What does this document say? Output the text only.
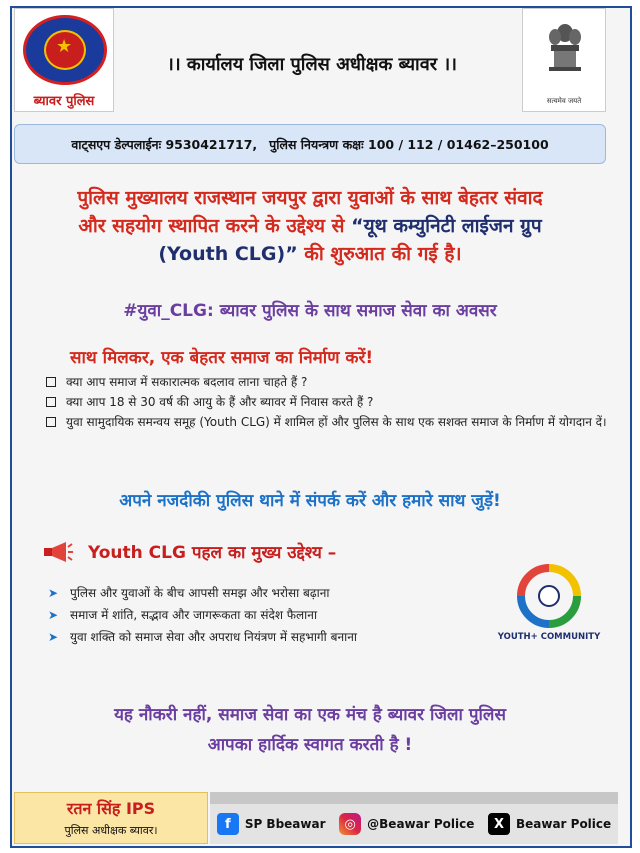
★
ब्यावर पुलिस
।। कार्यालय जिला पुलिस अधीक्षक ब्यावर ।।
सत्यमेव जयते
वाट्सएप डेल्पलाईनः 9530421717, पुलिस नियन्त्रण कक्षः 100 / 112 / 01462–250100
पुलिस मुख्यालय राजस्थान जयपुर द्वारा युवाओं के साथ बेहतर संवाद
और सहयोग स्थापित करने के उद्देश्य से “यूथ कम्युनिटी लाईजन ग्रुप
(Youth CLG)” की शुरुआत की गई है।
#युवा_CLG: ब्यावर पुलिस के साथ समाज सेवा का अवसर
साथ मिलकर, एक बेहतर समाज का निर्माण करें!
क्या आप समाज में सकारात्मक बदलाव लाना चाहते हैं ?
क्या आप 18 से 30 वर्ष की आयु के हैं और ब्यावर में निवास करते हैं ?
युवा सामुदायिक समन्वय समूह (Youth CLG) में शामिल हों और पुलिस के साथ एक सशक्त समाज के निर्माण में योगदान दें।
अपने नजदीकी पुलिस थाने में संपर्क करें और हमारे साथ जुड़ें!
Youth CLG पहल का मुख्य उद्देश्य –
➤ पुलिस और युवाओं के बीच आपसी समझ और भरोसा बढ़ाना
➤ समाज में शांति, सद्भाव और जागरूकता का संदेश फैलाना
➤ युवा शक्ति को समाज सेवा और अपराध नियंत्रण में सहभागी बनाना	YOUTH+ COMMUNITY
यह नौकरी नहीं, समाज सेवा का एक मंच है ब्यावर जिला पुलिस
आपका हार्दिक स्वागत करती है !
रतन सिंह IPS
पुलिस अधीक्षक ब्यावर।	f	SP Bbeawar	◎ @Beawar Police	X Beawar Police
